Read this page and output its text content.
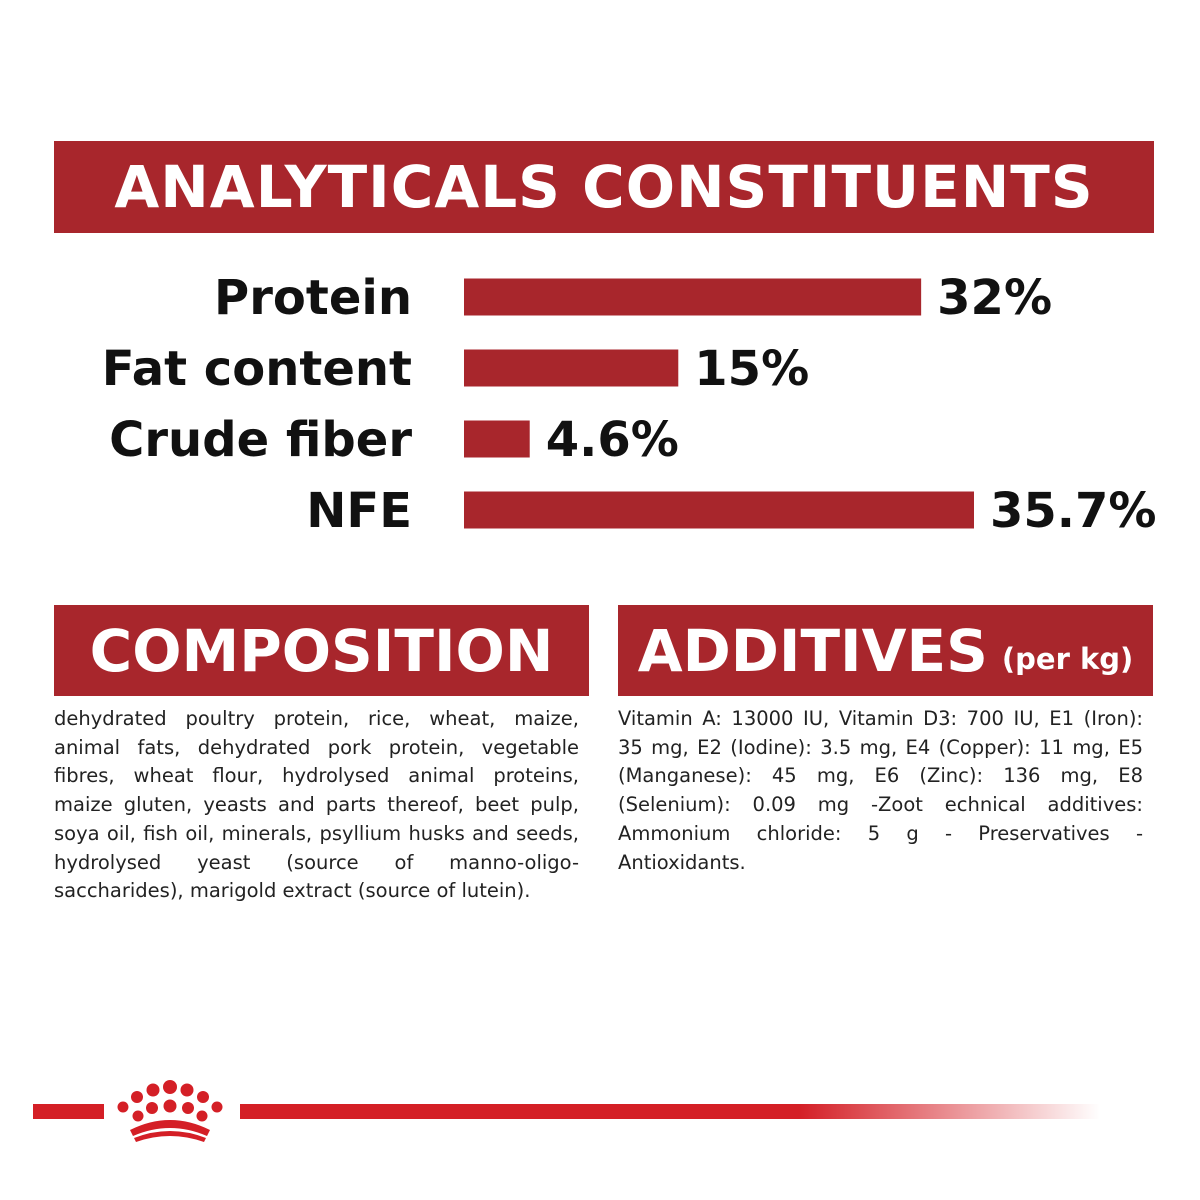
ANALYTICALS CONSTITUENTS
Protein	32%
Fat content	15%
Crude fiber	4.6%
NFE	35.7%
COMPOSITION

dehydrated poultry protein, rice, wheat, maize, animal fats, dehydrated pork protein, vegetable fibres, wheat flour, hydrolysed animal proteins, maize gluten, yeasts and parts thereof, beet pulp, soya oil, fish oil, minerals, psyllium husks and seeds, hydrolysed yeast (source of manno-oligo-saccharides), marigold extract (source of lutein).

ADDITIVES (per kg)

Vitamin A: 13000 IU, Vitamin D3: 700 IU, E1 (Iron): 35 mg, E2 (Iodine): 3.5 mg, E4 (Copper): 11 mg, E5 (Manganese): 45 mg, E6 (Zinc): 136 mg, E8 (Selenium): 0.09 mg -Zoot echnical additives: Ammonium chloride: 5 g - Preservatives - Antioxidants.
